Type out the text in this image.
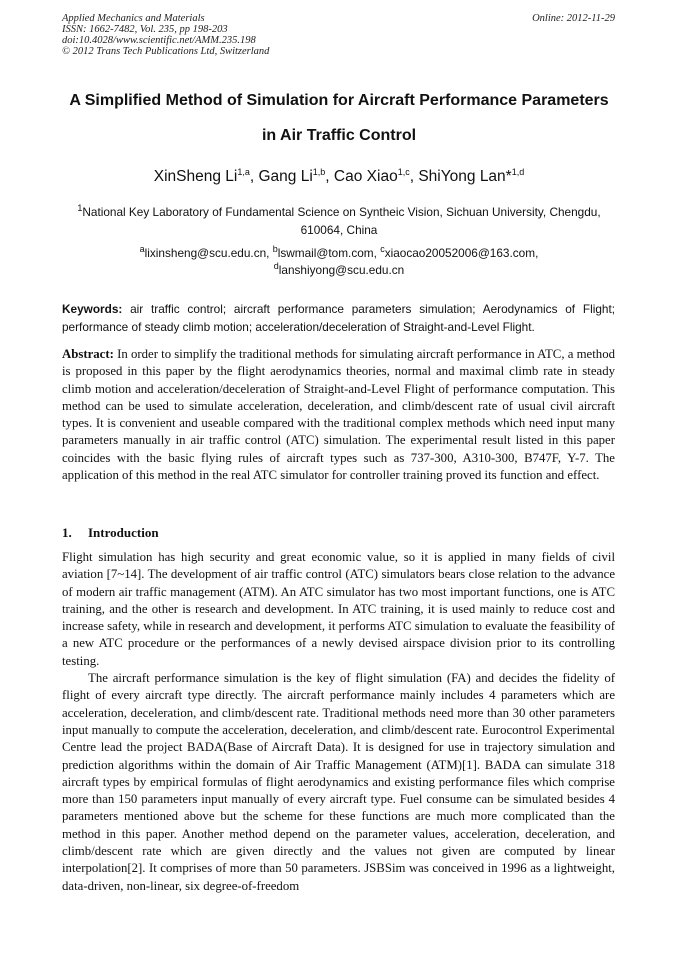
Applied Mechanics and Materials
ISSN: 1662-7482, Vol. 235, pp 198-203
doi:10.4028/www.scientific.net/AMM.235.198
© 2012 Trans Tech Publications Ltd, Switzerland
Online: 2012-11-29
A Simplified Method of Simulation for Aircraft Performance Parameters
in Air Traffic Control
XinSheng Li$^{1,a}$, Gang Li$^{1,b}$, Cao Xiao$^{1,c}$, ShiYong Lan*$^{1,d}$
$^1$National Key Laboratory of Fundamental Science on Syntheic Vision, Sichuan University, Chengdu, 610064, China
$^a$lixinsheng@scu.edu.cn, $^b$lswmail@tom.com, $^c$xiaocao20052006@163.com,
$^d$lanshiyong@scu.edu.cn
Keywords: air traffic control; aircraft performance parameters simulation; Aerodynamics of Flight; performance of steady climb motion; acceleration/deceleration of Straight-and-Level Flight.
Abstract: In order to simplify the traditional methods for simulating aircraft performance in ATC, a method is proposed in this paper by the flight aerodynamics theories, normal and maximal climb rate in steady climb motion and acceleration/deceleration of Straight-and-Level Flight of performance computation. This method can be used to simulate acceleration, deceleration, and climb/descent rate of usual civil aircraft types. It is convenient and useable compared with the traditional complex methods which need input many parameters manually in air traffic control (ATC) simulation. The experimental result listed in this paper coincides with the basic flying rules of aircraft types such as 737-300, A310-300, B747F, Y-7. The application of this method in the real ATC simulator for controller training proved its function and effect.
1. Introduction

Flight simulation has high security and great economic value, so it is applied in many fields of civil aviation [7~14]. The development of air traffic control (ATC) simulators bears close relation to the advance of modern air traffic management (ATM). An ATC simulator has two most important functions, one is ATC training, and the other is research and development. In ATC training, it is used mainly to reduce cost and increase safety, while in research and development, it performs ATC simulation to evaluate the feasibility of a new ATC procedure or the performances of a newly devised airspace division prior to its controlling testing.

The aircraft performance simulation is the key of flight simulation (FA) and decides the fidelity of flight of every aircraft type directly. The aircraft performance mainly includes 4 parameters which are acceleration, deceleration, and climb/descent rate. Traditional methods need more than 30 other parameters input manually to compute the acceleration, deceleration, and climb/descent rate. Eurocontrol Experimental Centre lead the project BADA(Base of Aircraft Data). It is designed for use in trajectory simulation and prediction algorithms within the domain of Air Traffic Management (ATM)[1]. BADA can simulate 318 aircraft types by empirical formulas of flight aerodynamics and existing performance files which comprise more than 150 parameters input manually of every aircraft type. Fuel consume can be simulated besides 4 parameters mentioned above but the scheme for these functions are much more complicated than the method in this paper. Another method depend on the parameter values, acceleration, deceleration, and climb/descent rate which are given directly and the values not given are computed by linear interpolation[2]. It comprises of more than 50 parameters. JSBSim was conceived in 1996 as a lightweight, data-driven, non-linear, six degree-of-freedom
